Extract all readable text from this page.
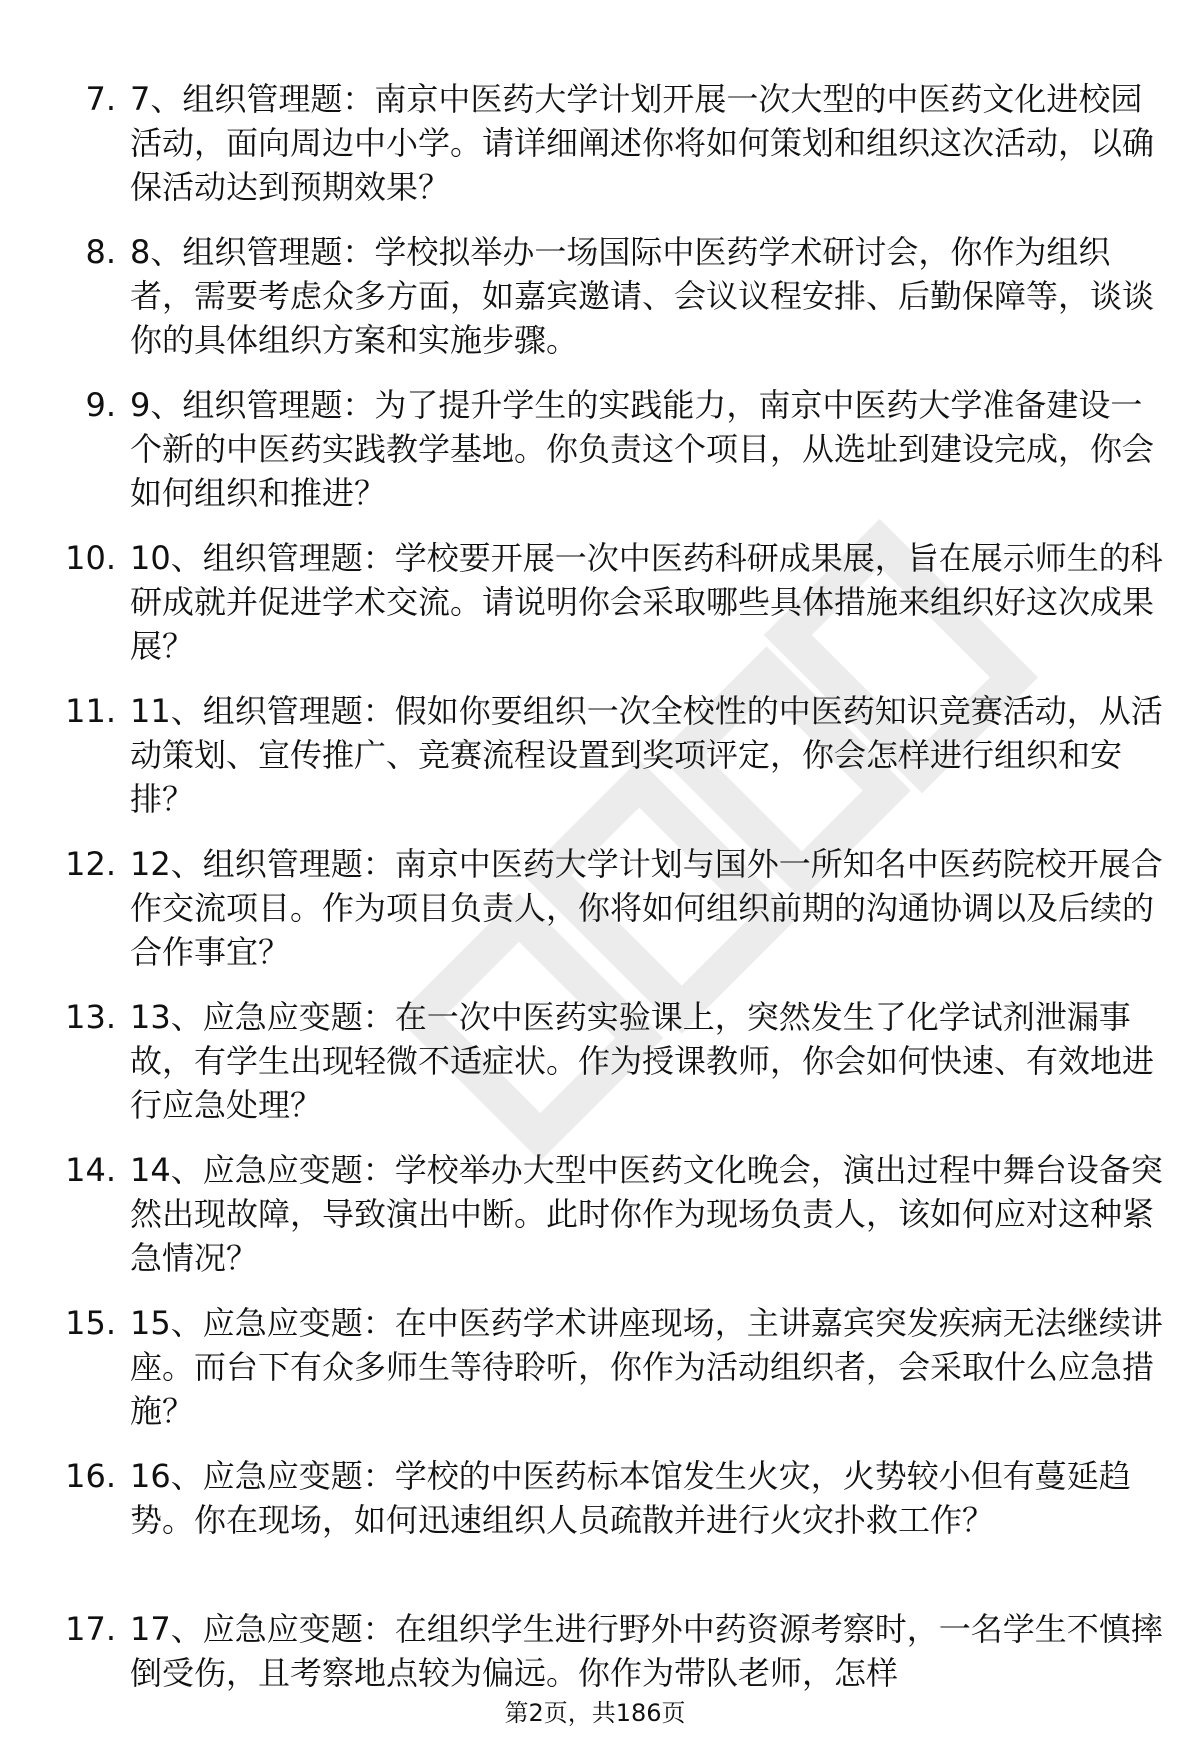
7. 7、组织管理题：南京中医药大学计划开展一次大型的中医药文化进校园活动，面向周边中小学。请详细阐述你将如何策划和组织这次活动，以确保活动达到预期效果？
8. 8、组织管理题：学校拟举办一场国际中医药学术研讨会，你作为组织者，需要考虑众多方面，如嘉宾邀请、会议议程安排、后勤保障等，谈谈你的具体组织方案和实施步骤。
9. 9、组织管理题：为了提升学生的实践能力，南京中医药大学准备建设一个新的中医药实践教学基地。你负责这个项目，从选址到建设完成，你会如何组织和推进？
10. 10、组织管理题：学校要开展一次中医药科研成果展，旨在展示师生的科研成就并促进学术交流。请说明你会采取哪些具体措施来组织好这次成果展？
11. 11、组织管理题：假如你要组织一次全校性的中医药知识竞赛活动，从活动策划、宣传推广、竞赛流程设置到奖项评定，你会怎样进行组织和安排？
12. 12、组织管理题：南京中医药大学计划与国外一所知名中医药院校开展合作交流项目。作为项目负责人，你将如何组织前期的沟通协调以及后续的合作事宜？
13. 13、应急应变题：在一次中医药实验课上，突然发生了化学试剂泄漏事故，有学生出现轻微不适症状。作为授课教师，你会如何快速、有效地进行应急处理？
14. 14、应急应变题：学校举办大型中医药文化晚会，演出过程中舞台设备突然出现故障，导致演出中断。此时你作为现场负责人，该如何应对这种紧急情况？
15. 15、应急应变题：在中医药学术讲座现场，主讲嘉宾突发疾病无法继续讲座。而台下有众多师生等待聆听，你作为活动组织者，会采取什么应急措施？
16. 16、应急应变题：学校的中医药标本馆发生火灾，火势较小但有蔓延趋势。你在现场，如何迅速组织人员疏散并进行火灾扑救工作？
17. 17、应急应变题：在组织学生进行野外中药资源考察时，一名学生不慎摔倒受伤，且考察地点较为偏远。你作为带队老师，怎样
第2页，共186页
